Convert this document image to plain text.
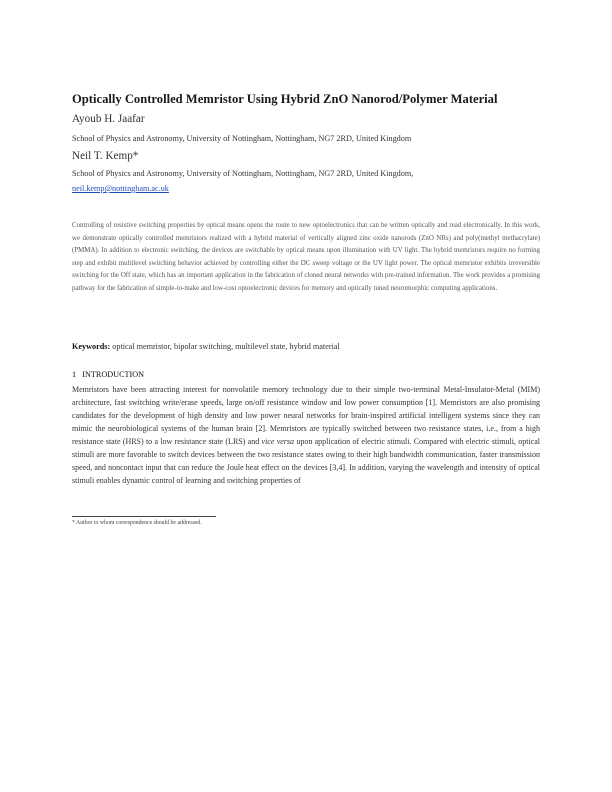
Optically Controlled Memristor Using Hybrid ZnO Nanorod/Polymer Material
Ayoub H. Jaafar
School of Physics and Astronomy, University of Nottingham, Nottingham, NG7 2RD, United Kingdom
Neil T. Kemp*
School of Physics and Astronomy, University of Nottingham, Nottingham, NG7 2RD, United Kingdom,
neil.kemp@nottingham.ac.uk
Controlling of resistive switching properties by optical means opens the route to new optoelectronics that can be written optically and read electronically. In this work, we demonstrate optically controlled memristors realized with a hybrid material of vertically aligned zinc oxide nanorods (ZnO NRs) and poly(methyl methacrylate) (PMMA). In addition to electronic switching, the devices are switchable by optical means upon illumination with UV light. The hybrid memristors require no forming step and exhibit multilevel switching behavior achieved by controlling either the DC sweep voltage or the UV light power. The optical memristor exhibits irreversible switching for the Off state, which has an important application in the fabrication of cloned neural networks with pre-trained information. The work provides a promising pathway for the fabrication of simple-to-make and low-cost optoelectronic devices for memory and optically tuned neuromorphic computing applications.
Keywords: optical memristor, bipolar switching, multilevel state, hybrid material
1 INTRODUCTION
Memristors have been attracting interest for nonvolatile memory technology due to their simple two-terminal Metal-Insulator-Metal (MIM) architecture, fast switching write/erase speeds, large on/off resistance window and low power consumption [1]. Memristors are also promising candidates for the development of high density and low power neural networks for brain-inspired artificial intelligent systems since they can mimic the neurobiological systems of the human brain [2]. Memristors are typically switched between two resistance states, i.e., from a high resistance state (HRS) to a low resistance state (LRS) and vice versa upon application of electric stimuli. Compared with electric stimuli, optical stimuli are more favorable to switch devices between the two resistance states owing to their high bandwidth communication, faster transmission speed, and noncontact input that can reduce the Joule heat effect on the devices [3,4]. In addition, varying the wavelength and intensity of optical stimuli enables dynamic control of learning and switching properties of
* Author to whom correspondence should be addressed.
